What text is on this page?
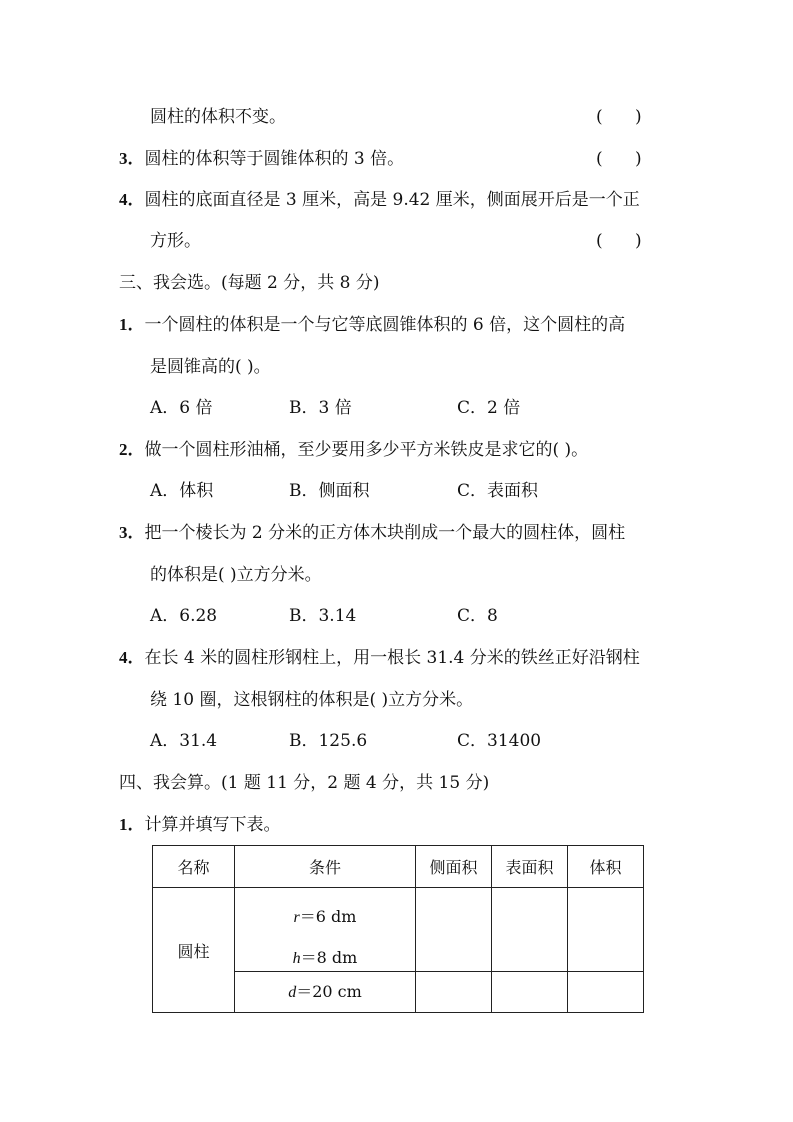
圆柱的体积不变。	(      )
3．圆柱的体积等于圆锥体积的 3 倍。	(      )
4．圆柱的底面直径是 3 厘米，高是 9.42 厘米，侧面展开后是一个正
方形。	(      )
三、我会选。(每题 2 分，共 8 分)
1．一个圆柱的体积是一个与它等底圆锥体积的 6 倍，这个圆柱的高
是圆锥高的( )。
A．6 倍	B．3 倍	C．2 倍
2．做一个圆柱形油桶，至少要用多少平方米铁皮是求它的( )。
A．体积	B．侧面积	C．表面积
3．把一个棱长为 2 分米的正方体木块削成一个最大的圆柱体，圆柱
的体积是( )立方分米。
A．6.28	B．3.14	C．8
4．在长 4 米的圆柱形钢柱上，用一根长 31.4 分米的铁丝正好沿钢柱
绕 10 圈，这根钢柱的体积是( )立方分米。
A．31.4	B．125.6	C．31400
四、我会算。(1 题 11 分，2 题 4 分，共 15 分)
1．计算并填写下表。
名称	条件	侧面积	表面积	体积
圆柱	r＝6 dm
h＝8 dm			

	d＝20 cm			
